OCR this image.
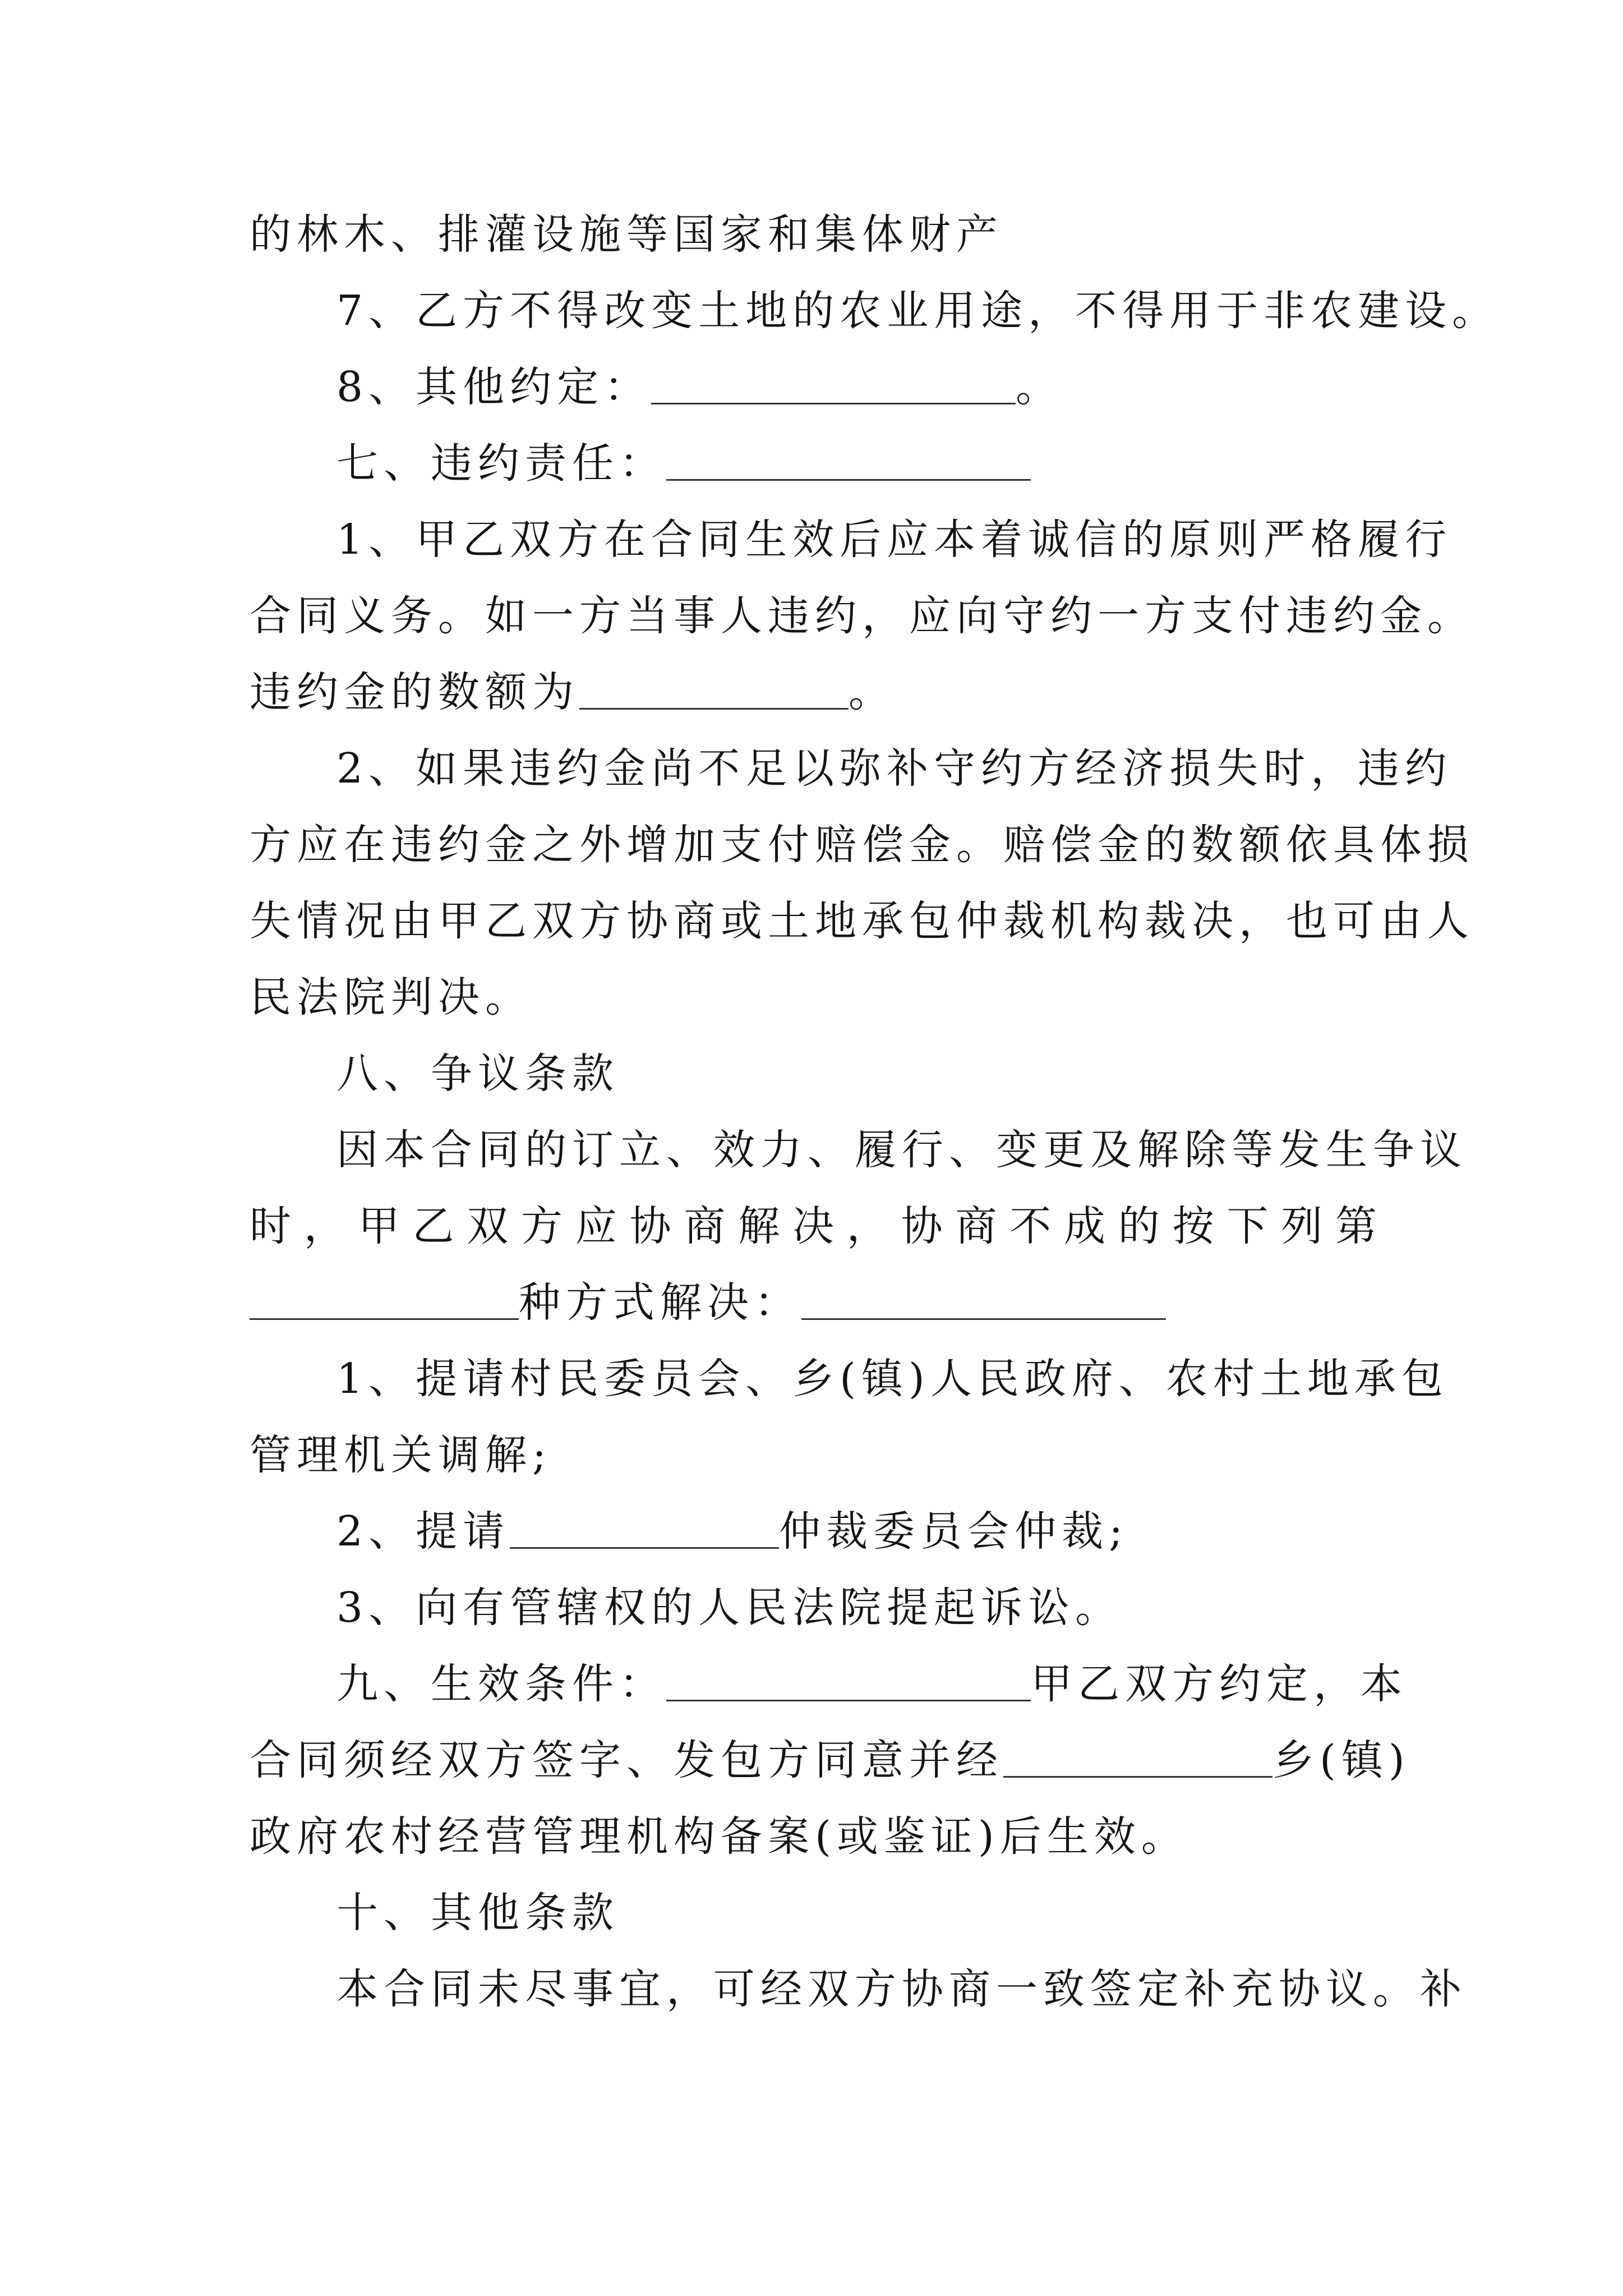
的林木、排灌设施等国家和集体财产
7、乙方不得改变土地的农业用途，不得用于非农建设。
8、其他约定：	。
七、违约责任：
1、甲乙双方在合同生效后应本着诚信的原则严格履行
合同义务。如一方当事人违约，应向守约一方支付违约金。
违约金的数额为	。
2、如果违约金尚不足以弥补守约方经济损失时，违约
方应在违约金之外增加支付赔偿金。赔偿金的数额依具体损
失情况由甲乙双方协商或土地承包仲裁机构裁决，也可由人
民法院判决。
八、争议条款
因本合同的订立、效力、履行、变更及解除等发生争议
时，甲乙双方应协商解决，协商不成的按下列第
种方式解决：
1、提请村民委员会、乡(镇)人民政府、农村土地承包
管理机关调解;
2、提请	仲裁委员会仲裁;
3、向有管辖权的人民法院提起诉讼。
九、生效条件：	甲乙双方约定，本
合同须经双方签字、发包方同意并经	乡(镇)
政府农村经营管理机构备案(或鉴证)后生效。
十、其他条款
本合同未尽事宜，可经双方协商一致签定补充协议。补
